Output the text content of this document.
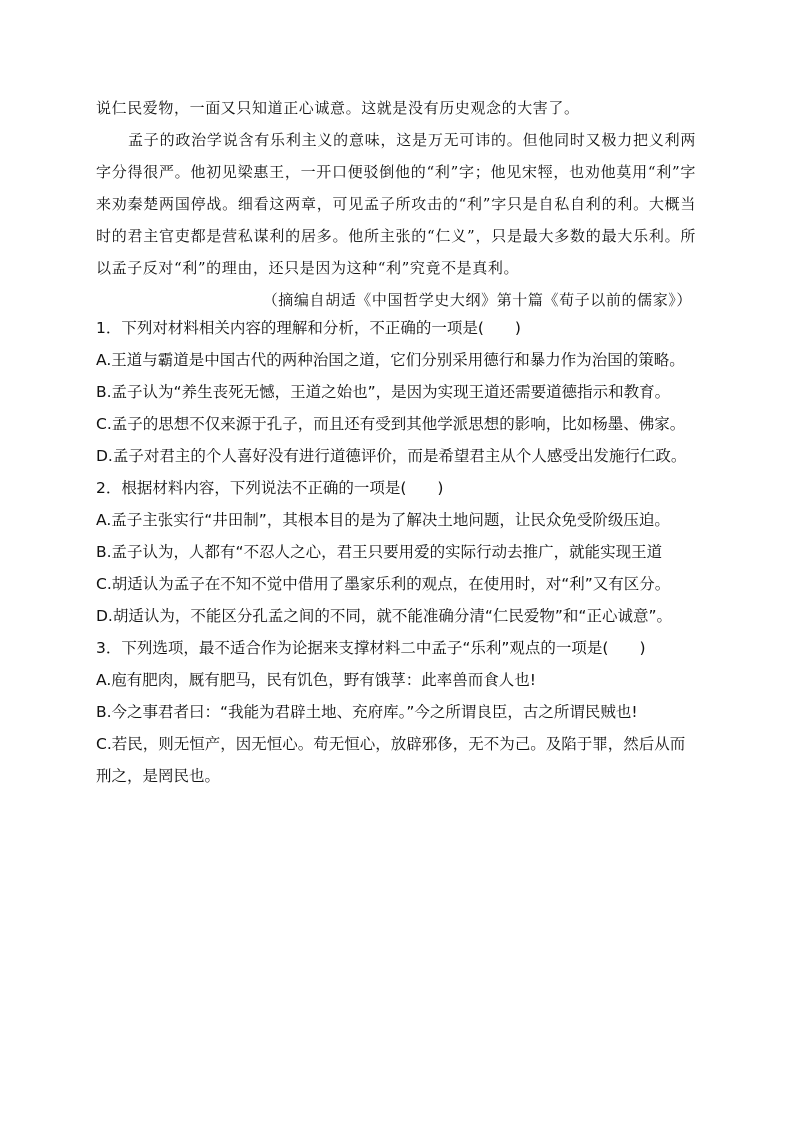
说仁民爱物，一面又只知道正心诚意。这就是没有历史观念的大害了。

孟子的政治学说含有乐利主义的意味，这是万无可讳的。但他同时又极力把义利两字分得很严。他初见梁惠王，一开口便驳倒他的“利”字；他见宋牼，也劝他莫用“利”字来劝秦楚两国停战。细看这两章，可见孟子所攻击的“利”字只是自私自利的利。大概当时的君主官吏都是营私谋利的居多。他所主张的“仁义”，只是最大多数的最大乐利。所以孟子反对“利”的理由，还只是因为这种“利”究竟不是真利。

（摘编自胡适《中国哲学史大纲》第十篇《荀子以前的儒家》）

1．下列对材料相关内容的理解和分析，不正确的一项是(　　)

A.王道与霸道是中国古代的两种治国之道，它们分别采用德行和暴力作为治国的策略。

B.孟子认为“养生丧死无憾，王道之始也”，是因为实现王道还需要道德指示和教育。

C.孟子的思想不仅来源于孔子，而且还有受到其他学派思想的影响，比如杨墨、佛家。

D.孟子对君主的个人喜好没有进行道德评价，而是希望君主从个人感受出发施行仁政。

2．根据材料内容，下列说法不正确的一项是(　　)

A.孟子主张实行“井田制”，其根本目的是为了解决土地问题，让民众免受阶级压迫。

B.孟子认为，人都有“不忍人之心，君王只要用爱的实际行动去推广，就能实现王道

C.胡适认为孟子在不知不觉中借用了墨家乐利的观点，在使用时，对“利”又有区分。

D.胡适认为，不能区分孔孟之间的不同，就不能准确分清“仁民爱物”和“正心诚意”。

3．下列选项，最不适合作为论据来支撑材料二中孟子“乐利”观点的一项是(　　)

A.庖有肥肉，厩有肥马，民有饥色，野有饿莩：此率兽而食人也!

B.今之事君者曰：“我能为君辟土地、充府库。”今之所谓良臣，古之所谓民贼也!

C.若民，则无恒产，因无恒心。苟无恒心，放辟邪侈，无不为己。及陷于罪，然后从而刑之，是罔民也。
